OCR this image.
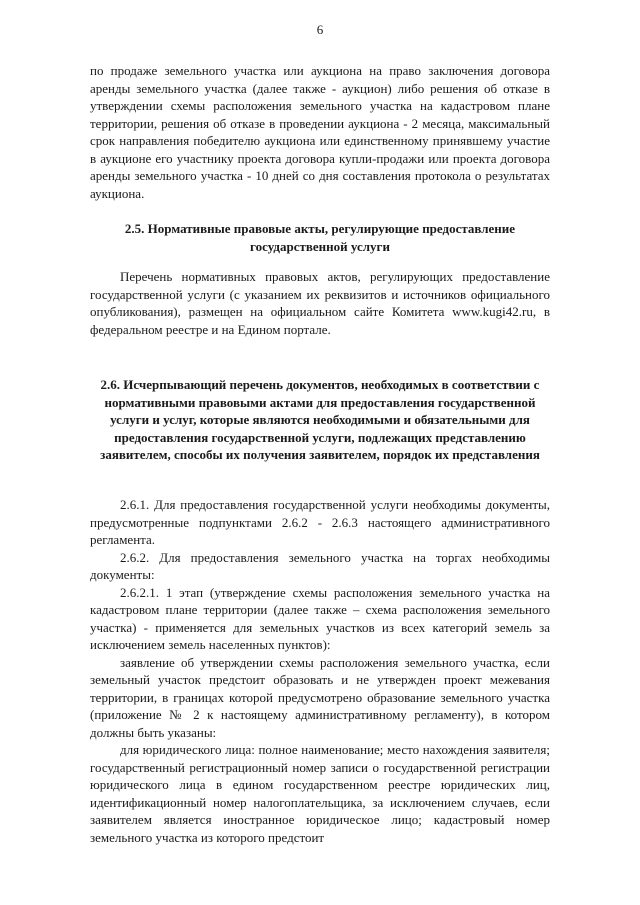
6

по продаже земельного участка или аукциона на право заключения договора аренды земельного участка (далее также - аукцион) либо решения об отказе в утверждении схемы расположения земельного участка на кадастровом плане территории, решения об отказе в проведении аукциона - 2 месяца, максимальный срок направления победителю аукциона или единственному принявшему участие в аукционе его участнику проекта договора купли-продажи или проекта договора аренды земельного участка - 10 дней со дня составления протокола о результатах аукциона.

2.5. Нормативные правовые акты, регулирующие предоставление государственной услуги

Перечень нормативных правовых актов, регулирующих предоставление государственной услуги (с указанием их реквизитов и источников официального опубликования), размещен на официальном сайте Комитета www.kugi42.ru, в федеральном реестре и на Едином портале.

2.6. Исчерпывающий перечень документов, необходимых в соответствии с нормативными правовыми актами для предоставления государственной услуги и услуг, которые являются необходимыми и обязательными для предоставления государственной услуги, подлежащих представлению заявителем, способы их получения заявителем, порядок их представления

2.6.1. Для предоставления государственной услуги необходимы документы, предусмотренные подпунктами 2.6.2 - 2.6.3 настоящего административного регламента.

2.6.2. Для предоставления земельного участка на торгах необходимы документы:

2.6.2.1. 1 этап (утверждение схемы расположения земельного участка на кадастровом плане территории (далее также – схема расположения земельного участка) - применяется для земельных участков из всех категорий земель за исключением земель населенных пунктов):

заявление об утверждении схемы расположения земельного участка, если земельный участок предстоит образовать и не утвержден проект межевания территории, в границах которой предусмотрено образование земельного участка (приложение № 2 к настоящему административному регламенту), в котором должны быть указаны:

для юридического лица: полное наименование; место нахождения заявителя; государственный регистрационный номер записи о государственной регистрации юридического лица в едином государственном реестре юридических лиц, идентификационный номер налогоплательщика, за исключением случаев, если заявителем является иностранное юридическое лицо; кадастровый номер земельного участка из которого предстоит
